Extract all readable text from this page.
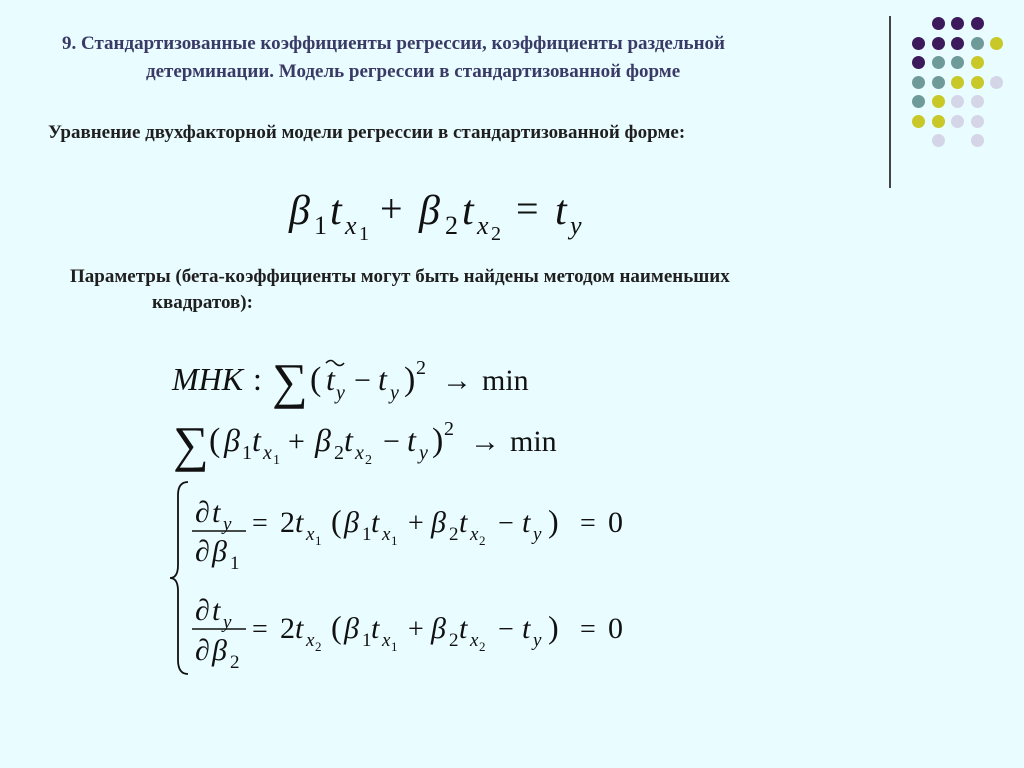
9. Стандартизованные коэффициенты регрессии, коэффициенты раздельной
детерминации. Модель регрессии в стандартизованной форме
Уравнение двухфакторной модели регрессии в стандартизованной форме:
β 1 t x 1
+ β 2 t x 2
= t y
Параметры (бета-коэффициенты могут быть найдены методом наименьших
квадратов):
МНК : ∑ ( t y − t y ) 2 → min
∑ ( β 1 t x 1
+ β 2 t x 2
− t y ) 2 → min
∂ t y
∂ β 1
= 2 t x 1
( β 1 t x 1
+ β 2 t x 2
− t y ) = 0
∂ t y
∂ β 2
= 2 t x 2
( β 1 t x 1
+ β 2 t x 2
− t y ) = 0
